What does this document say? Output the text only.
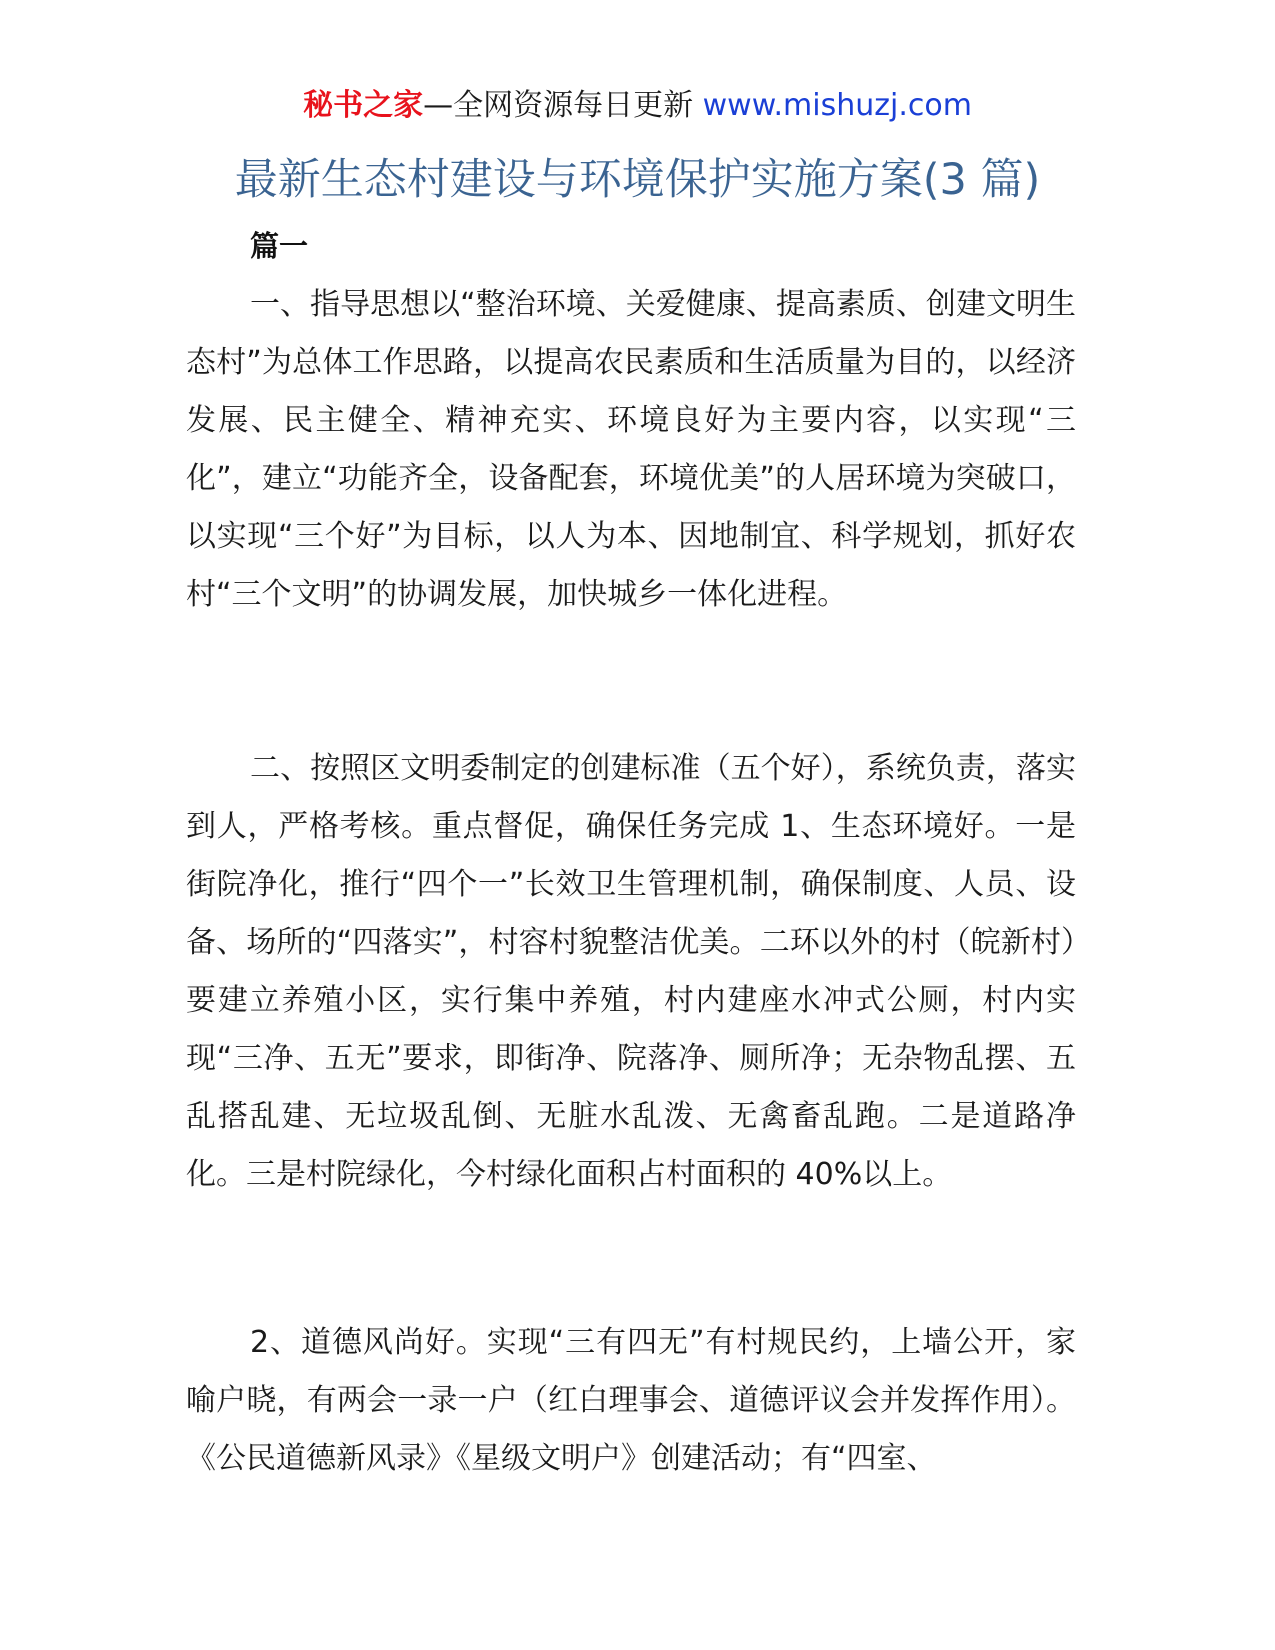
秘书之家—全网资源每日更新 www.mishuzj.com
最新生态村建设与环境保护实施方案(3 篇)
篇一

一、指导思想以“整治环境、关爱健康、提高素质、创建文明生态村”为总体工作思路，以提高农民素质和生活质量为目的，以经济发展、民主健全、精神充实、环境良好为主要内容，以实现“三化”，建立“功能齐全，设备配套，环境优美”的人居环境为突破口，以实现“三个好”为目标，以人为本、因地制宜、科学规划，抓好农村“三个文明”的协调发展，加快城乡一体化进程。

二、按照区文明委制定的创建标准（五个好），系统负责，落实到人，严格考核。重点督促，确保任务完成 1、生态环境好。一是街院净化，推行“四个一”长效卫生管理机制，确保制度、人员、设备、场所的“四落实”，村容村貌整洁优美。二环以外的村（皖新村）要建立养殖小区，实行集中养殖，村内建座水冲式公厕，村内实现“三净、五无”要求，即街净、院落净、厕所净；无杂物乱摆、五乱搭乱建、无垃圾乱倒、无脏水乱泼、无禽畜乱跑。二是道路净化。三是村院绿化，今村绿化面积占村面积的 40%以上。

2、道德风尚好。实现“三有四无”有村规民约，上墙公开，家喻户晓，有两会一录一户（红白理事会、道德评议会并发挥作用）。《公民道德新风录》《星级文明户》创建活动；有“四室、
